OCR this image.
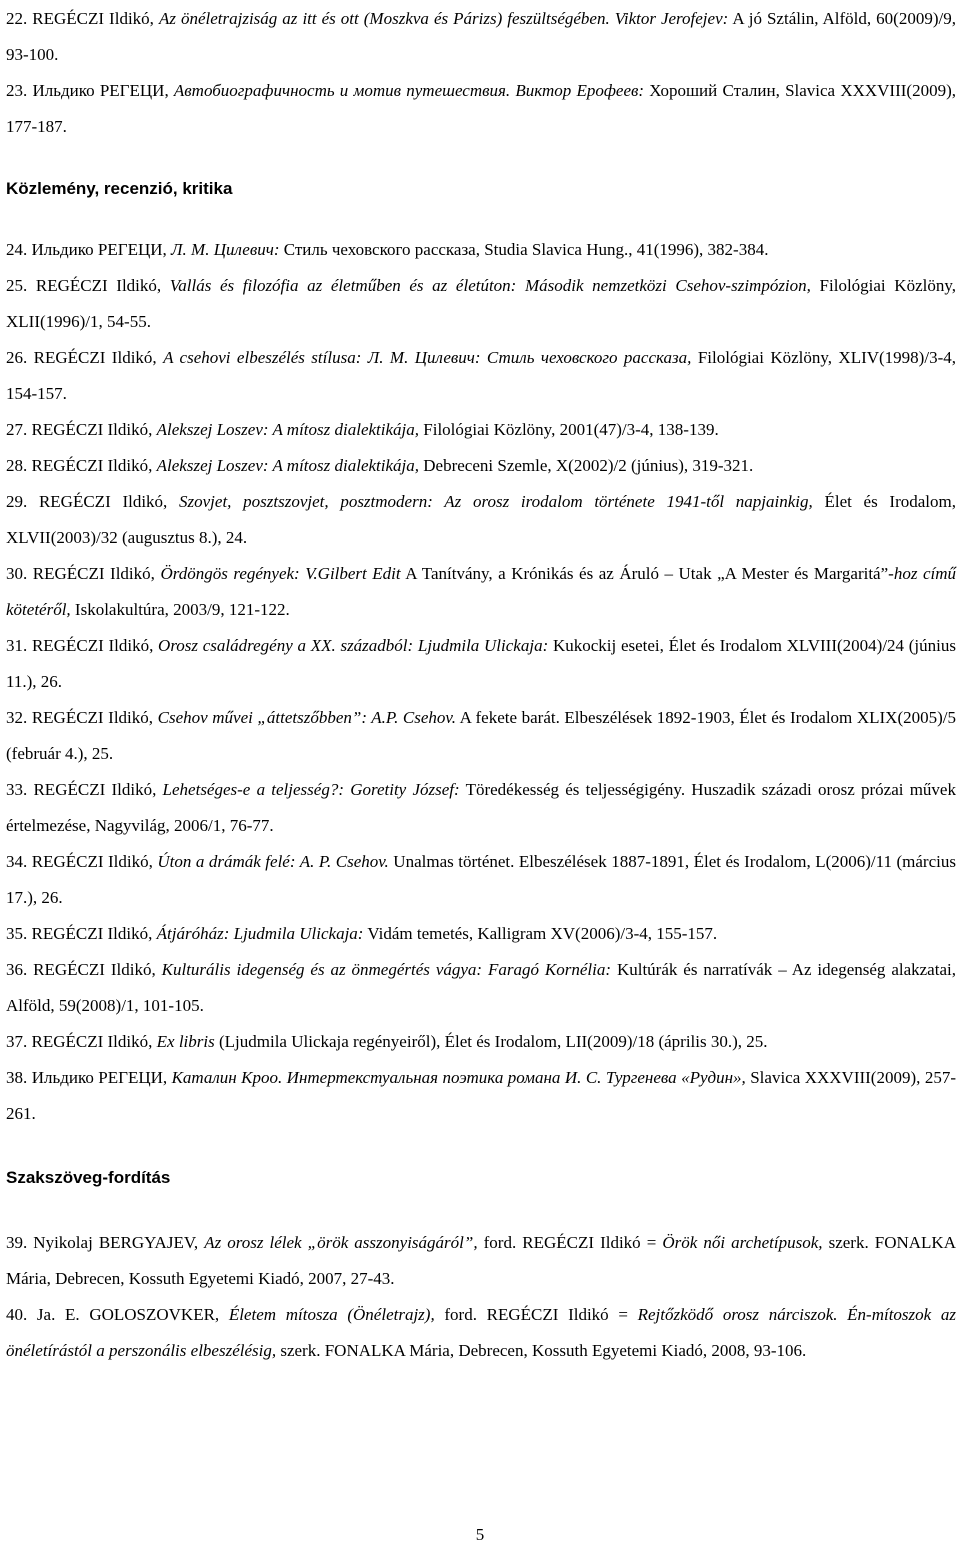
22. REGÉCZI Ildikó, Az önéletrajziság az itt és ott (Moszkva és Párizs) feszültségében. Viktor Jerofejev: A jó Sztálin, Alföld, 60(2009)/9, 93-100.

23. Ильдико РЕГЕЦИ, Автобиографичность и мотив путешествия. Виктор Ерофеев: Хороший Сталин, Slavica XXXVIII(2009), 177-187.

Közlemény, recenzió, kritika

24. Ильдико РЕГЕЦИ, Л. М. Цилевич: Стиль чеховского рассказа, Studia Slavica Hung., 41(1996), 382-384.

25. REGÉCZI Ildikó, Vallás és filozófia az életműben és az életúton: Második nemzetközi Csehov-szimpózion, Filológiai Közlöny, XLII(1996)/1, 54-55.

26. REGÉCZI Ildikó, A csehovi elbeszélés stílusa: Л. М. Цилевич: Стиль чеховского рассказа, Filológiai Közlöny, XLIV(1998)/3-4, 154-157.

27. REGÉCZI Ildikó, Alekszej Loszev: A mítosz dialektikája, Filológiai Közlöny, 2001(47)/3-4, 138-139.

28. REGÉCZI Ildikó, Alekszej Loszev: A mítosz dialektikája, Debreceni Szemle, X(2002)/2 (június), 319-321.

29. REGÉCZI Ildikó, Szovjet, posztszovjet, posztmodern: Az orosz irodalom története 1941-től napjainkig, Élet és Irodalom, XLVII(2003)/32 (augusztus 8.), 24.

30. REGÉCZI Ildikó, Ördöngös regények: V.Gilbert Edit A Tanítvány, a Krónikás és az Áruló – Utak „A Mester és Margaritá”-hoz című kötetéről, Iskolakultúra, 2003/9, 121-122.

31. REGÉCZI Ildikó, Orosz családregény a XX. századból: Ljudmila Ulickaja: Kukockij esetei, Élet és Irodalom XLVIII(2004)/24 (június 11.), 26.

32. REGÉCZI Ildikó, Csehov művei „áttetszőbben”: A.P. Csehov. A fekete barát. Elbeszélések 1892-1903, Élet és Irodalom XLIX(2005)/5 (február 4.), 25.

33. REGÉCZI Ildikó, Lehetséges-e a teljesség?: Goretity József: Töredékesség és teljességigény. Huszadik századi orosz prózai művek értelmezése, Nagyvilág, 2006/1, 76-77.

34. REGÉCZI Ildikó, Úton a drámák felé: A. P. Csehov. Unalmas történet. Elbeszélések 1887-1891, Élet és Irodalom, L(2006)/11 (március 17.), 26.

35. REGÉCZI Ildikó, Átjáróház: Ljudmila Ulickaja: Vidám temetés, Kalligram XV(2006)/3-4, 155-157.

36. REGÉCZI Ildikó, Kulturális idegenség és az önmegértés vágya: Faragó Kornélia: Kultúrák és narratívák – Az idegenség alakzatai, Alföld, 59(2008)/1, 101-105.

37. REGÉCZI Ildikó, Ex libris (Ljudmila Ulickaja regényeiről), Élet és Irodalom, LII(2009)/18 (április 30.), 25.

38. Ильдико РЕГЕЦИ, Каталин Кроо. Интертекстуальная поэтика романа И. С. Тургенева «Рудин», Slavica XXXVIII(2009), 257-261.

Szakszöveg-fordítás

39. Nyikolaj BERGYAJEV, Az orosz lélek „örök asszonyiságáról”, ford. REGÉCZI Ildikó = Örök női archetípusok, szerk. FONALKA Mária, Debrecen, Kossuth Egyetemi Kiadó, 2007, 27-43.

40. Ja. E. GOLOSZOVKER, Életem mítosza (Önéletrajz), ford. REGÉCZI Ildikó = Rejtőzködő orosz nárciszok. Én-mítoszok az önéletírástól a perszonális elbeszélésig, szerk. FONALKA Mária, Debrecen, Kossuth Egyetemi Kiadó, 2008, 93-106.

5
